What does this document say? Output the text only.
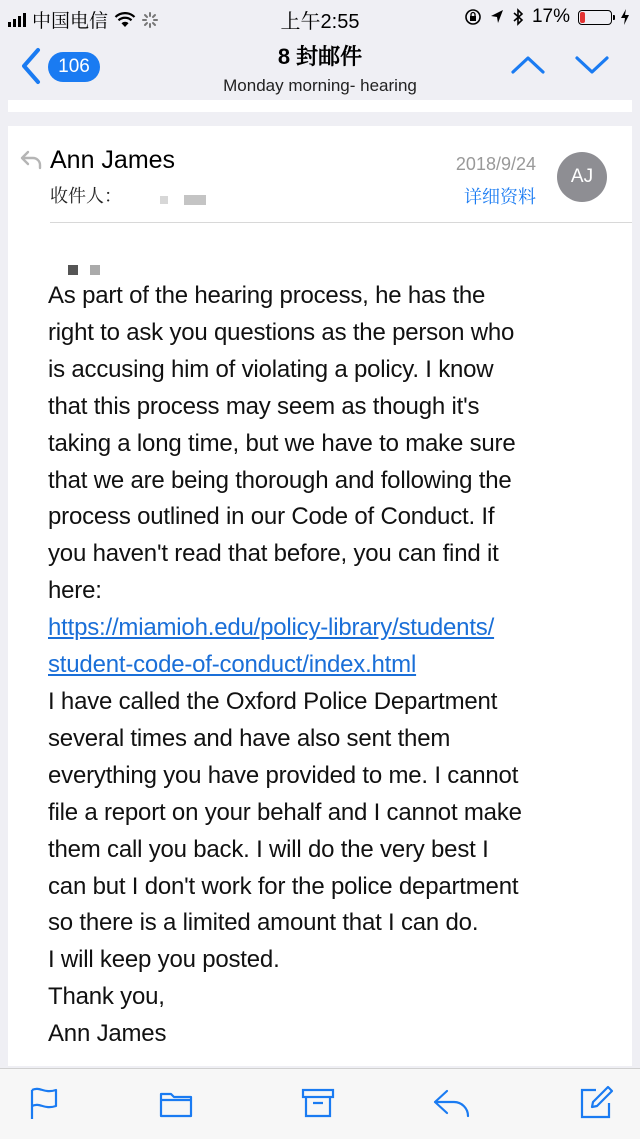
中国电信	上午2:55	17%
106	8 封邮件
Monday morning- hearing
Ann James
收件人：
2018/9/24
详细资料
AJ
As part of the hearing process, he has the
right to ask you questions as the person who
is accusing him of violating a policy. I know
that this process may seem as though it's
taking a long time, but we have to make sure
that we are being thorough and following the
process outlined in our Code of Conduct. If
you haven't read that before, you can find it
here:
https://miamioh.edu/policy-library/students/
student-code-of-conduct/index.html
I have called the Oxford Police Department
several times and have also sent them
everything you have provided to me. I cannot
file a report on your behalf and I cannot make
them call you back. I will do the very best I
can but I don't work for the police department
so there is a limited amount that I can do.
I will keep you posted.
Thank you,
Ann James
